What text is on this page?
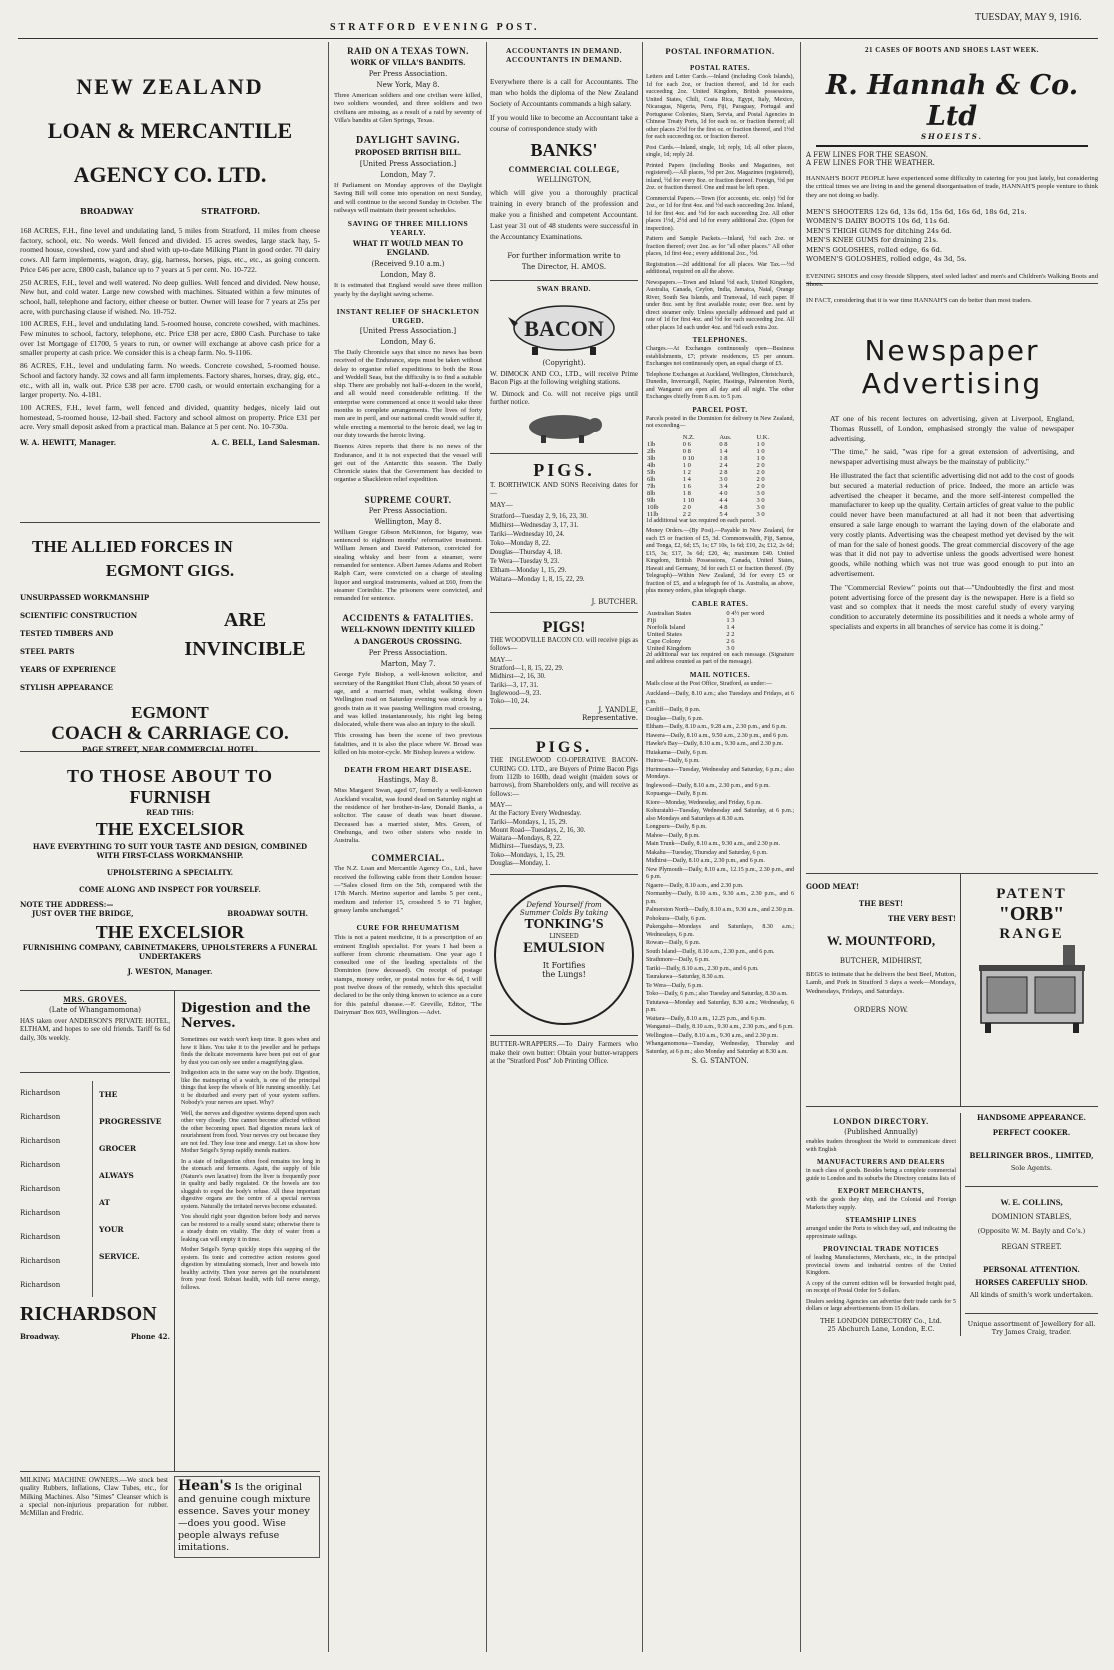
STRATFORD EVENING POST.
TUESDAY, MAY 9, 1916.
NEW ZEALAND
LOAN & MERCANTILE
AGENCY CO. LTD.
BROADWAY	STRATFORD.
168 ACRES, F.H., fine level and undulating land, 5 miles from Stratford, 11 miles from cheese factory, school, etc. No weeds. Well fenced and divided. 15 acres swedes, large stack hay, 5-roomed house, cowshed, cow yard and shed with up-to-date Milking Plant in good order. 70 dairy cows. All farm implements, wagon, dray, gig, harness, horses, pigs, etc., etc., as going concern. Price £46 per acre, £800 cash, balance up to 7 years at 5 per cent. No. 10-722.
250 ACRES, F.H., level and well watered. No deep gullies. Well fenced and divided. New house, New hut, and cold water. Large new cowshed with machines. Situated within a few minutes of school, hall, telephone and factory, either cheese or butter. Owner will lease for 7 years at 25s per acre, with purchasing clause if wished. No. 10-752.
100 ACRES, F.H., level and undulating land. 5-roomed house, concrete cowshed, with machines. Few minutes to school, factory, telephone, etc. Price £38 per acre, £800 Cash. Purchase to take over 1st Mortgage of £1700, 5 years to run, or owner will exchange at above cash price for a smaller property at cash price. We consider this is a cheap farm. No. 9-1106.
86 ACRES, F.H., level and undulating farm. No weeds. Concrete cowshed, 5-roomed house. School and factory handy. 32 cows and all farm implements. Factory shares, horses, dray, gig, etc., etc., with all in, walk out. Price £38 per acre. £700 cash, or would entertain exchanging for a larger property. No. 4-181.
100 ACRES, F.H., level farm, well fenced and divided, quantity hedges, nicely laid out homestead, 5-roomed house, 12-bail shed. Factory and school almost on property. Price £31 per acre. Very small deposit asked from a practical man. Balance at 5 per cent. No. 10-730a.
W. A. HEWITT, Manager.	A. C. BELL, Land Salesman.
THE ALLIED FORCES IN
EGMONT GIGS.
UNSURPASSED WORKMANSHIP
SCIENTIFIC CONSTRUCTION
TESTED TIMBERS AND
STEEL PARTS
YEARS OF EXPERIENCE
STYLISH APPEARANCE
ARE
INVINCIBLE
EGMONT
COACH & CARRIAGE CO.
PAGE STREET, NEAR COMMERCIAL HOTEL.
TO THOSE ABOUT TO
FURNISH
READ THIS:
THE EXCELSIOR
HAVE EVERYTHING TO SUIT YOUR TASTE AND DESIGN, COMBINED WITH FIRST-CLASS WORKMANSHIP.
UPHOLSTERING A SPECIALITY.
COME ALONG AND INSPECT FOR YOURSELF.
NOTE THE ADDRESS:—
JUST OVER THE BRIDGE,	BROADWAY SOUTH.
THE EXCELSIOR
FURNISHING COMPANY, CABINETMAKERS, UPHOLSTERERS A FUNERAL UNDERTAKERS
J. WESTON, Manager.
MRS. GROVES.
(Late of Whangamomona)
HAS taken over ANDERSON'S PRIVATE HOTEL, ELTHAM, and hopes to see old friends. Tariff 6s 6d daily, 30s weekly.
Richardson
Richardson
Richardson
Richardson
Richardson
Richardson
Richardson
Richardson
Richardson
THE
PROGRESSIVE
GROCER
ALWAYS
AT
YOUR
SERVICE.
RICHARDSON
Broadway.	Phone 42.
Digestion and the Nerves.
Sometimes our watch won't keep time. It goes when and how it likes. You take it to the jeweller and he perhaps finds the delicate movements have been put out of gear by dust you can only see under a magnifying glass.
Indigestion acts in the same way on the body. Digestion, like the mainspring of a watch, is one of the principal things that keep the wheels of life running smoothly. Let it be disturbed and every part of your system suffers. Nobody's your nerves are upset. Why?
Well, the nerves and digestive systems depend upon each other very closely. One cannot become affected without the other becoming upset. Bad digestion means lack of nourishment from food. Your nerves cry out because they are not fed. They lose tone and energy. Let us show how Mother Seigel's Syrup rapidly mends matters.
In a state of indigestion often food remains too long in the stomach and ferments. Again, the supply of bile (Nature's own laxative) from the liver is frequently poor in quality and badly regulated. Or the bowels are too sluggish to expel the body's refuse. All these important digestive organs are the centre of a special nervous system. Naturally the irritated nerves become exhausted.
You should right your digestion before body and nerves can be restored to a really sound state; otherwise there is a steady drain on vitality. The duty of water from a leaking can will empty it in time.
Mother Seigel's Syrup quickly stops this sapping of the system. Its tonic and corrective action restores good digestion by stimulating stomach, liver and bowels into healthy activity. Then your nerves get the nourishment from your food. Robust health, with full nerve energy, follows.
MILKING MACHINE OWNERS.—We stock best quality Rubbers, Inflations, Claw Tubes, etc., for Milking Machines. Also "Simes" Cleanser which is a special non-injurious preparation for rubber. McMillan and Fredric.
Hean's Is the original and genuine cough mixture essence. Saves your money—does you good. Wise people always refuse imitations.
RAID ON A TEXAS TOWN.
WORK OF VILLA'S BANDITS.
Per Press Association.
New York, May 8.
Three American soldiers and one civilian were killed, two soldiers wounded, and three soldiers and two civilians are missing, as a result of a raid by seventy of Villa's bandits at Glen Springs, Texas.
DAYLIGHT SAVING.
PROPOSED BRITISH BILL.
[United Press Association.]
London, May 7.
If Parliament on Monday approves of the Daylight Saving Bill will come into operation on next Sunday, and will continue to the second Sunday in October. The railways will maintain their present schedules.
SAVING OF THREE MILLIONS YEARLY.
WHAT IT WOULD MEAN TO ENGLAND.
(Received 9.10 a.m.)
London, May 8.
It is estimated that England would save three million yearly by the daylight saving scheme.
INSTANT RELIEF OF SHACKLETON URGED.
[United Press Association.]
London, May 6.
The Daily Chronicle says that since no news has been received of the Endurance, steps must be taken without delay to organise relief expeditions to both the Ross and Weddell Seas, but the difficulty is to find a suitable ship. There are probably not half-a-dozen in the world, and all would need considerable refitting. If the enterprise were commenced at once it would take three months to complete arrangements. The lives of forty men are in peril, and our national credit would suffer if, while erecting a memorial to the heroic dead, we lag in our duty towards the heroic living.
Buenos Aires reports that there is no news of the Endurance, and it is not expected that the vessel will get out of the Antarctic this season. The Daily Chronicle states that the Government has decided to organise a Shackleton relief expedition.
SUPREME COURT.
Per Press Association.
Wellington, May 8.
William Gregor Gibson McKinnon, for bigamy, was sentenced to eighteen months' reformative treatment. William Jensen and David Patterson, convicted for stealing whisky and beer from a steamer, were remanded for sentence. Albert James Adams and Robert Ralph Carr, were convicted on a charge of stealing liquor and surgical instruments, valued at £60, from the steamer Corinthic. The prisoners were convicted, and remanded for sentence.
ACCIDENTS & FATALITIES.
WELL-KNOWN IDENTITY KILLED
A DANGEROUS CROSSING.
Per Press Association.
Marton, May 7.
George Fyfe Bishop, a well-known solicitor, and secretary of the Rangitikei Hunt Club, about 50 years of age, and a married man, whilst walking down Wellington road on Saturday evening was struck by a goods train as it was passing Wellington road crossing, and was killed instantaneously, his right leg being dislocated, while there was also an injury to the skull.
This crossing has been the scene of two previous fatalities, and it is also the place where W. Broad was killed on his motor-cycle. Mr Bishop leaves a widow.
DEATH FROM HEART DISEASE.
Hastings, May 8.
Miss Margaret Swan, aged 67, formerly a well-known Auckland vocalist, was found dead on Saturday night at the residence of her brother-in-law, Donald Banks, a solicitor. The cause of death was heart disease. Deceased has a married sister, Mrs. Green, of Onehunga, and two other sisters who reside in Australia.
COMMERCIAL.
The N.Z. Loan and Mercantile Agency Co., Ltd., have received the following cable from their London house:—"Sales closed firm on the 5th, compared with the 17th March. Merino superior and lambs 5 per cent., medium and inferior 15, crossbred 5 to 71 higher, greasy lambs unchanged."
CURE FOR RHEUMATISM
This is not a patent medicine, it is a prescription of an eminent English specialist. For years I had been a sufferer from chronic rheumatism. One year ago I consulted one of the leading specialists of the Dominion (now deceased). On receipt of postage stamps, money order, or postal notes for 4s 6d, I will post twelve doses of the remedy, which this specialist declared to be the only thing known to science as a cure for this painful disease.—F. Greville, Editor, 'The Dairyman' Box 603, Wellington.—Advt.
ACCOUNTANTS IN DEMAND.
ACCOUNTANTS IN DEMAND.
Everywhere there is a call for Accountants. The man who holds the diploma of the New Zealand Society of Accountants commands a high salary.
If you would like to become an Accountant take a course of correspondence study with
BANKS'
COMMERCIAL COLLEGE,
WELLINGTON,
which will give you a thoroughly practical training in every branch of the profession and make you a finished and competent Accountant. Last year 31 out of 48 students were successful in the Accountancy Examinations.
For further information write to
The Director, H. AMOS.
SWAN BRAND.
BACON
(Copyright).
W. DIMOCK AND CO., LTD., will receive Prime Bacon Pigs at the following weighing stations.
W. Dimock and Co. will not receive pigs until further notice.
PIGS.
T. BORTHWICK AND SONS Receiving dates for—
MAY—
Stratford—Tuesday 2, 9, 16, 23, 30.
Midhirst—Wednesday 3, 17, 31.
Tariki—Wednesday 10, 24.
Toko—Monday 8, 22.
Douglas—Thursday 4, 18.
Te Wera—Tuesday 9, 23.
Eltham—Monday 1, 15, 29.
Waitara—Monday 1, 8, 15, 22, 29.
J. BUTCHER.
PIGS!
THE WOODVILLE BACON CO. will receive pigs as follows—
MAY—
Stratford—1, 8, 15, 22, 29.
Midhirst—2, 16, 30.
Tariki—3, 17, 31.
Inglewood—9, 23.
Toko—10, 24.
J. YANDLE,
Representative.
PIGS.
THE INGLEWOOD CO-OPERATIVE BACON-CURING CO. LTD., are Buyers of Prime Bacon Pigs from 112lb to 160lb, dead weight (maiden sows or barrows), from Shareholders only, and will receive as follows:—
MAY—
At the Factory Every Wednesday.
Tariki—Mondays, 1, 15, 29.
Mount Road—Tuesdays, 2, 16, 30.
Waitara—Mondays, 8, 22.
Midhirst—Tuesdays, 9, 23.
Toko—Mondays, 1, 15, 29.
Douglas—Monday, 1.
Defend Yourself from Summer Colds By taking
TONKING'S
LINSEED
EMULSION
It Fortifies
the Lungs!
BUTTER-WRAPPERS.—To Dairy Farmers who make their own butter: Obtain your butter-wrappers at the "Stratford Post" Job Printing Office.
POSTAL INFORMATION.
POSTAL RATES.
Letters and Letter Cards.—Inland (including Cook Islands), 1d for each 2oz, or fraction thereof, and 1d for each succeeding 2oz. United Kingdom, British possessions, United States, Chili, Costa Rica, Egypt, Italy, Mexico, Nicaragua, Nigeria, Peru, Fiji, Paraguay, Portugal and Portuguese Colonies, Siam, Servia, and Postal Agencies in Chinese Treaty Ports, 1d for each oz. or fraction thereof; all other places 2½d for the first oz. or fraction thereof, and 1½d for each succeeding oz. or fraction thereof.
Post Cards.—Inland, single, 1d; reply, 1d; all other places, single, 1d; reply 2d.
Printed Papers (including Books and Magazines, not registered).—All places, ½d per 2oz. Magazines (registered), inland, ½d for every 8oz. or fraction thereof. Foreign, ½d per 2oz. or fraction thereof. One and must be left open.
Commercial Papers.—Town (for accounts, etc. only) ½d for 2oz., or 1d for first 4oz. and ½d each succeeding 2oz. Inland, 1d for first 4oz. and ½d for each succeeding 2oz. All other places 1½d, 2½d and 1d for every additional 2oz. (Open for inspection).
Pattern and Sample Packets.—Inland, ½d each 2oz. or fraction thereof; over 2oz. as for "all other places." All other places, 1d first 4oz.; every additional 2oz., ½d.
Registration.—2d additional for all places. War Tax.—½d additional, required on all the above.
Newspapers.—Town and Inland ½d each, United Kingdom, Australia, Canada, Ceylon, India, Jamaica, Natal, Orange River, South Sea Islands, and Transvaal, 1d each paper. If under 8oz. sent by first available route; over 8oz. sent by direct steamer only. Unless specially addressed and paid at rate of 1d for first 4oz. and ½d for each succeeding 2oz. All other places 1d each under 4oz. and ½d each extra 2oz.
TELEPHONES.
Charges.—At Exchanges continuously open—Business establishments, £7; private residences, £5 per annum. Exchanges not continuously open, an equal charge of £5.
Telephone Exchanges at Auckland, Wellington, Christchurch, Dunedin, Invercargill, Napier, Hastings, Palmerston North, and Wanganui are open all day and all night. The other Exchanges chiefly from 8 a.m. to 5 p.m.
PARCEL POST.
Parcels posted in the Dominion for delivery in New Zealand, not exceeding—
	N.Z.	Aus.	U.K.
1lb	0 6	0 8	1 0
2lb	0 8	1 4	1 0
3lb	0 10	1 8	1 0
4lb	1 0	2 4	2 0
5lb	1 2	2 8	2 0
6lb	1 4	3 0	2 0
7lb	1 6	3 4	2 0
8lb	1 8	4 0	3 0
9lb	1 10	4 4	3 0
10lb	2 0	4 8	3 0
11lb	2 2	5 4	3 0
1d additional war tax required on each parcel.
Money Orders.—(By Post).—Payable in New Zealand, for each £5 or fraction of £5, 3d. Commonwealth, Fiji, Samoa, and Tonga, £2, 6d; £5, 1s; £7 10s, 1s 6d; £10, 2s; £12, 2s 6d; £15, 3s; £17, 3s 6d; £20, 4s; maximum £40. United Kingdom, British Possessions, Canada, United States, Hawaii and Germany, 3d for each £1 or fraction thereof. (By Telegraph)—Within New Zealand, 3d for every £5 or fraction of £5, and a telegraph fee of 1s. Australia, as above, plus money orders, plus telegraph charge.
CABLE RATES.
Australian States	0 4½ per word
Fiji	1 3
Norfolk Island	1 4
United States	2 2
Cape Colony	2 6
United Kingdom	3 0
2d additional war tax required on each message. (Signature and address counted as part of the message).
MAIL NOTICES.
Mails close at the Post Office, Stratford, as under:—
Auckland—Daily, 8.10 a.m.; also Tuesdays and Fridays, at 6 p.m.
Cardiff—Daily, 8 p.m.
Douglas—Daily, 6 p.m.
Eltham—Daily, 8.10 a.m., 9.28 a.m., 2.30 p.m., and 6 p.m.
Hawera—Daily, 8.10 a.m., 9.50 a.m., 2.30 p.m., and 6 p.m.
Hawke's Bay—Daily, 8.10 a.m., 9.30 a.m., and 2.30 p.m.
Huiakama—Daily, 6 p.m.
Huiroa—Daily, 6 p.m.
Hurimoana—Tuesday, Wednesday and Saturday, 6 p.m.; also Mondays.
Inglewood—Daily, 8.10 a.m., 2.30 p.m., and 6 p.m.
Kopuanga—Daily, 8 p.m.
Kiore—Monday, Wednesday, and Friday, 6 p.m.
Kohuratahi—Tuesday, Wednesday and Saturday, at 6 p.m.; also Mondays and Saturdays at 8.30 a.m.
Longpuru—Daily, 8 p.m.
Mahoe—Daily, 8 p.m.
Main Trunk—Daily, 8.10 a.m., 9.30 a.m., and 2.30 p.m.
Makahu—Tuesday, Thursday and Saturday, 6 p.m.
Midhirst—Daily, 8.10 a.m., 2.30 p.m., and 6 p.m.
New Plymouth—Daily, 8.10 a.m., 12.15 p.m., 2.30 p.m., and 6 p.m.
Ngaere—Daily, 8.10 a.m., and 2.30 p.m.
Normanby—Daily, 8.10 a.m., 9.30 a.m., 2.30 p.m., and 6 p.m.
Palmerston North—Daily, 8.10 a.m., 9.30 a.m., and 2.30 p.m.
Pohokura—Daily, 6 p.m.
Pukengahu—Mondays and Saturdays, 8.30 a.m.; Wednesdays, 6 p.m.
Rowan—Daily, 6 p.m.
South Island—Daily, 8.10 a.m., 2.30 p.m., and 6 p.m.
Strathmore—Daily, 6 p.m.
Tariki—Daily, 8.10 a.m., 2.30 p.m., and 6 p.m.
Taurakawa—Saturday, 8.30 a.m.
Te Wera—Daily, 6 p.m.
Toko—Daily, 6 p.m.; also Tuesday and Saturday, 8.30 a.m.
Tututawa—Monday and Saturday, 8.30 a.m.; Wednesday, 6 p.m.
Waitara—Daily, 8.10 a.m., 12.25 p.m., and 6 p.m.
Wanganui—Daily, 8.10 a.m., 9.30 a.m., 2.30 p.m., and 6 p.m.
Wellington—Daily, 8.10 a.m., 9.30 a.m., and 2.30 p.m.
Whangamomona—Tuesday, Wednesday, Thursday and Saturday, at 6 p.m.; also Monday and Saturday at 8.30 a.m.
S. G. STANTON.
21 CASES OF BOOTS AND SHOES LAST WEEK.
R. Hannah & Co. Ltd
SHOEISTS.
A FEW LINES FOR THE SEASON.
A FEW LINES FOR THE WEATHER.
HANNAH'S BOOT PEOPLE have experienced some difficulty in catering for you just lately, but considering the critical times we are living in and the general disorganisation of trade, HANNAH'S people venture to think they are not doing so badly.
MEN'S SHOOTERS 12s 6d, 13s 6d, 15s 6d, 16s 6d, 18s 6d, 21s.
WOMEN'S DAIRY BOOTS 10s 6d, 11s 6d.
MEN'S THIGH GUMS for ditching 24s 6d.
MEN'S KNEE GUMS for draining 21s.
MEN'S GOLOSHES, rolled edge, 6s 6d.
WOMEN'S GOLOSHES, rolled edge, 4s 3d, 5s.
EVENING SHOES and cosy fireside Slippers, steel soled ladies' and men's and Children's Walking Boots and Shoes.
IN FACT, considering that it is war time HANNAH'S can do better than most traders.
Newspaper
Advertising
AT one of his recent lectures on advertising, given at Liverpool, England, Thomas Russell, of London, emphasised strongly the value of newspaper advertising.
"The time," he said, "was ripe for a great extension of advertising, and newspaper advertising must always be the mainstay of publicity."
He illustrated the fact that scientific advertising did not add to the cost of goods but secured a material reduction of price. Indeed, the more an article was advertised the cheaper it became, and the more self-interest compelled the manufacturer to keep up the quality. Certain articles of great value to the public could never have been manufactured at all had it not been that advertising ensured a sale large enough to warrant the laying down of the elaborate and very costly plants. Advertising was the cheapest method yet devised by the wit of man for the sale of honest goods. The great commercial discovery of the age was that it did not pay to advertise unless the goods advertised were honest goods, while nothing which was not true was good enough to put into an advertisement.
The "Commercial Review" points out that—"Undoubtedly the first and most potent advertising force of the present day is the newspaper. Here is a field so vast and so complex that it needs the most careful study of every varying condition to accurately determine its possibilities and it needs a whole army of specialists and experts in all branches of service has come it is doing."
GOOD MEAT!
THE BEST!
THE VERY BEST!
W. MOUNTFORD,
BUTCHER, MIDHIRST,
BEGS to intimate that he delivers the best Beef, Mutton, Lamb, and Pork in Stratford 3 days a week—Mondays, Wednesdays, Fridays, and Saturdays.
ORDERS NOW.
PATENT
"ORB"
RANGE
LONDON DIRECTORY.
(Published Annually)
enables traders throughout the World to communicate direct with English
MANUFACTURERS AND DEALERS
in each class of goods. Besides being a complete commercial guide to London and its suburbs the Directory contains lists of
EXPORT MERCHANTS,
with the goods they ship, and the Colonial and Foreign Markets they supply.
STEAMSHIP LINES
arranged under the Ports to which they sail, and indicating the approximate sailings.
PROVINCIAL TRADE NOTICES
of leading Manufacturers, Merchants, etc., in the principal provincial towns and industrial centres of the United Kingdom.
A copy of the current edition will be forwarded freight paid, on receipt of Postal Order for 5 dollars.
Dealers seeking Agencies can advertise their trade cards for 5 dollars or large advertisements from 15 dollars.
THE LONDON DIRECTORY Co., Ltd.
25 Abchurch Lane, London, E.C.
HANDSOME APPEARANCE.
PERFECT COOKER.
BELLRINGER BROS., LIMITED,
Sole Agents.
W. E. COLLINS,
DOMINION STABLES,
(Opposite W. M. Bayly and Co's.)
REGAN STREET.
PERSONAL ATTENTION.
HORSES CAREFULLY SHOD.
All kinds of smith's work undertaken.
Unique assortment of Jewellery for all. Try James Craig, trader.
